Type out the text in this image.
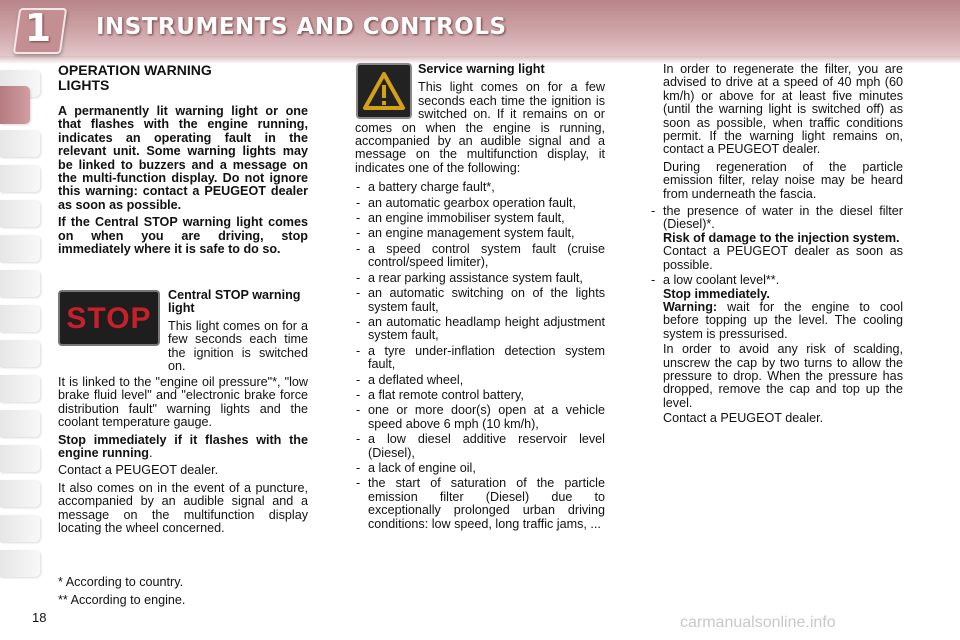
1 INSTRUMENTS AND CONTROLS
OPERATION WARNING LIGHTS

A permanently lit warning light or one that flashes with the engine running, indicates an operating fault in the relevant unit. Some warning lights may be linked to buzzers and a message on the multi-function display. Do not ignore this warning: contact a PEUGEOT dealer as soon as possible.

If the Central STOP warning light comes on when you are driving, stop immediately where it is safe to do so.

STOP

Central STOP warning light

This light comes on for a few seconds each time the ignition is switched on.

It is linked to the "engine oil pressure"*, "low brake fluid level" and "electronic brake force distribution fault" warning lights and the coolant temperature gauge.

Stop immediately if it flashes with the engine running.

Contact a PEUGEOT dealer.

It also comes on in the event of a puncture, accompanied by an audible signal and a message on the multifunction display locating the wheel concerned.

* According to country.
** According to engine.
18

Service warning light

This light comes on for a few seconds each time the ignition is switched on. If it remains on or comes on when the engine is running, accompanied by an audible signal and a message on the multifunction display, it indicates one of the following:

- a battery charge fault*,
- an automatic gearbox operation fault,
- an engine immobiliser system fault,
- an engine management system fault,
- a speed control system fault (cruise control/speed limiter),
- a rear parking assistance system fault,
- an automatic switching on of the lights system fault,
- an automatic headlamp height adjustment system fault,
- a tyre under-inflation detection system fault,
- a deflated wheel,
- a flat remote control battery,
- one or more door(s) open at a vehicle speed above 6 mph (10 km/h),
- a low diesel additive reservoir level (Diesel),
- a lack of engine oil,
- the start of saturation of the particle emission filter (Diesel) due to exceptionally prolonged urban driving conditions: low speed, long traffic jams, ...

In order to regenerate the filter, you are advised to drive at a speed of 40 mph (60 km/h) or above for at least five minutes (until the warning light is switched off) as soon as possible, when traffic conditions permit. If the warning light remains on, contact a PEUGEOT dealer.

During regeneration of the particle emission filter, relay noise may be heard from underneath the fascia.

- the presence of water in the diesel filter (Diesel)*.
Risk of damage to the injection system.
Contact a PEUGEOT dealer as soon as possible.
- a low coolant level**.
Stop immediately.

Warning: wait for the engine to cool before topping up the level. The cooling system is pressurised.

In order to avoid any risk of scalding, unscrew the cap by two turns to allow the pressure to drop. When the pressure has dropped, remove the cap and top up the level.

Contact a PEUGEOT dealer.
carmanualsonline.info
